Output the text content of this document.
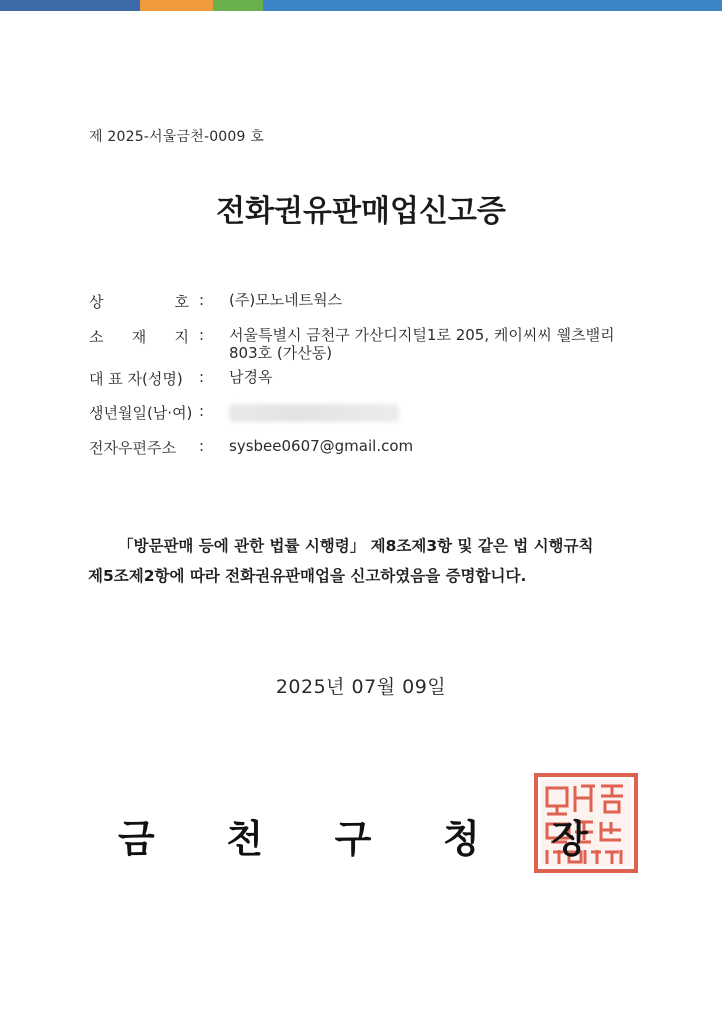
제 2025-서울금천-0009 호
전화권유판매업신고증
상	호 : (주)모노네트웍스
소 재 지 : 서울특별시 금천구 가산디지털1로 205, 케이씨씨 웰츠밸리 803호 (가산동)
대 표 자(성명) : 남경옥
생년월일(남·여) :
전자우편주소 : sysbee0607@gmail.com
「방문판매 등에 관한 법률 시행령」 제8조제3항 및 같은 법 시행규칙
제5조제2항에 따라 전화권유판매업을 신고하였음을 증명합니다.
2025년 07월 09일
금 천 구 청 장
